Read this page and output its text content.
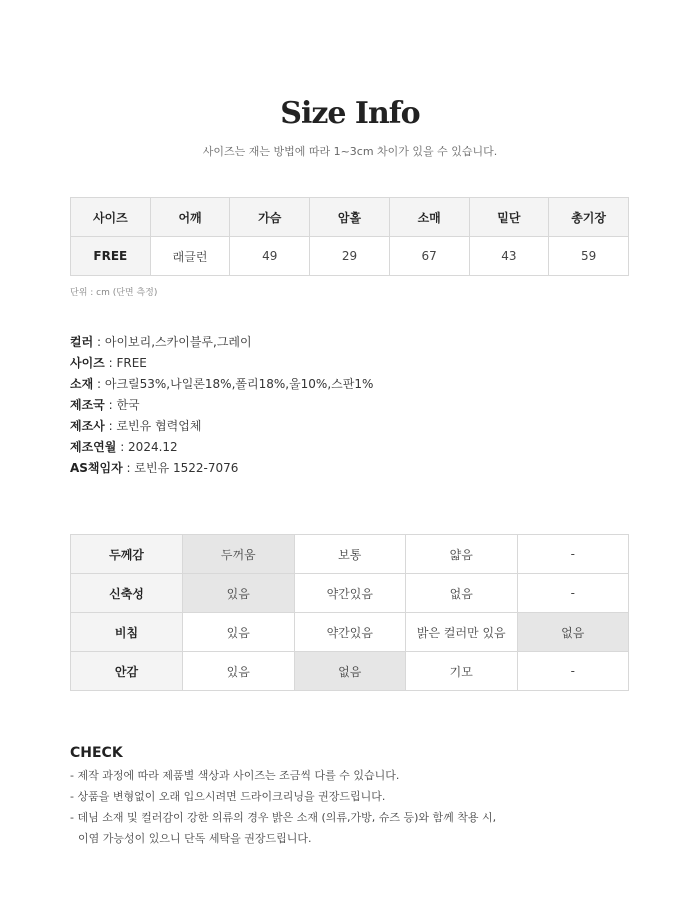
Size Info
사이즈는 재는 방법에 따라 1~3cm 차이가 있을 수 있습니다.
사이즈	어깨	가슴	암홀	소매	밑단	총기장
FREE	래글런	49	29	67	43	59
단위 : cm (단면 측정)
컬러 : 아이보리,스카이블루,그레이
사이즈 : FREE
소재 : 아크릴53%,나일론18%,폴리18%,울10%,스판1%
제조국 : 한국
제조사 : 로빈유 협력업체
제조연월 : 2024.12
AS책임자 : 로빈유 1522-7076
두께감	두꺼움	보통	얇음	-
신축성	있음	약간있음	없음	-
비침	있음	약간있음	밝은 컬러만 있음	없음
안감	있음	없음	기모	-
CHECK
- 제작 과정에 따라 제품별 색상과 사이즈는 조금씩 다를 수 있습니다.
- 상품을 변형없이 오래 입으시려면 드라이크리닝을 권장드립니다.
- 데님 소재 및 컬러감이 강한 의류의 경우 밝은 소재 (의류,가방, 슈즈 등)와 함께 착용 시,
이염 가능성이 있으니 단독 세탁을 권장드립니다.
